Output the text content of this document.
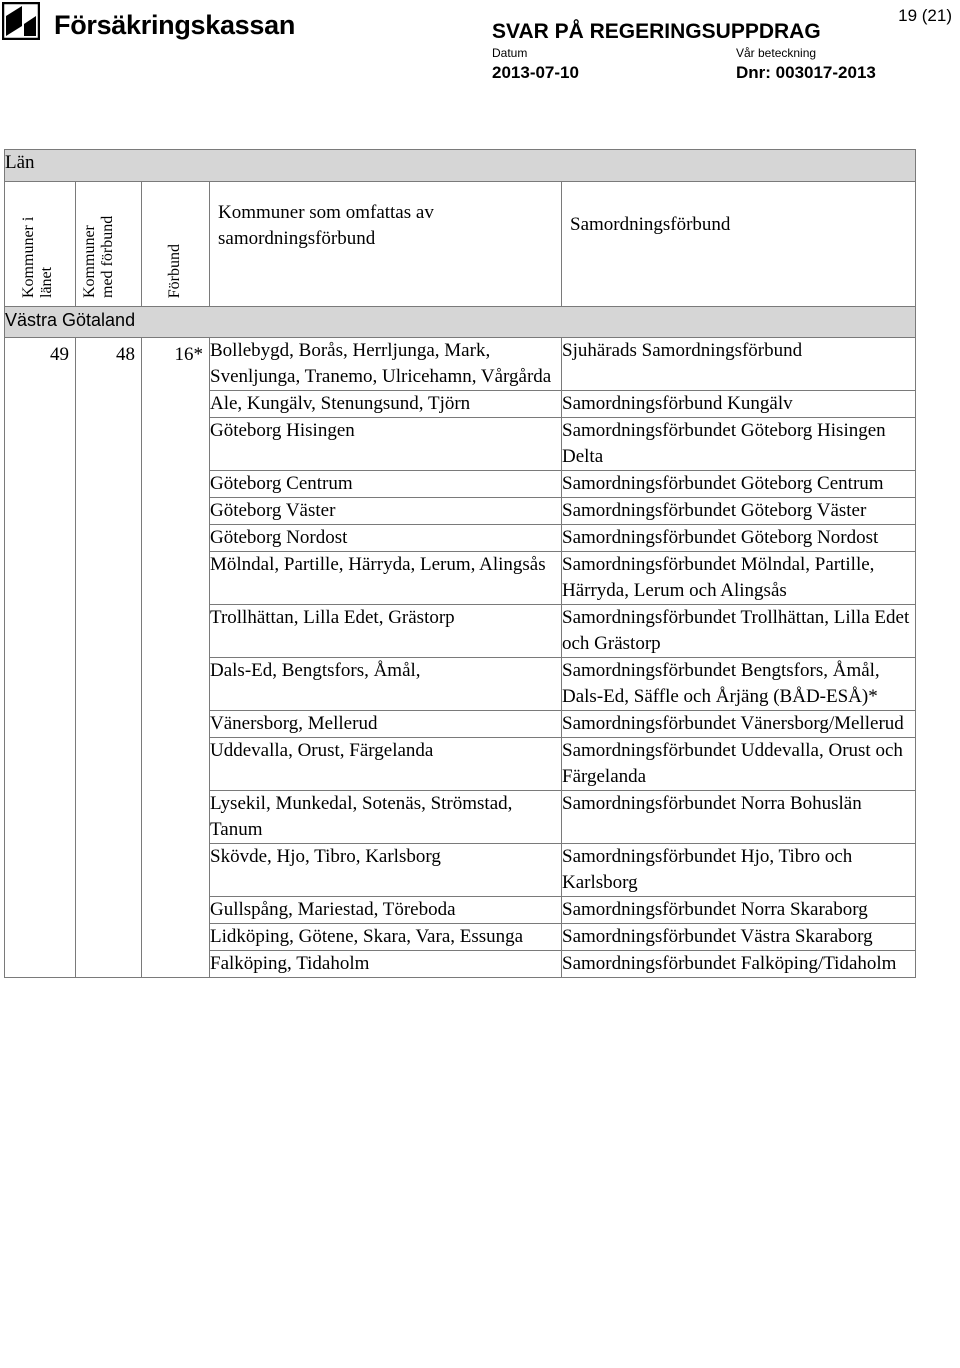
Försäkringskassan	SVAR PÅ REGERINGSUPPDRAG
19 (21)
Datum
2013-07-10
Vår beteckning
Dnr: 003017-2013
Län				

Kommuner i länet	Kommuner med förbund	Förbund	Kommuner som omfattas av samordningsförbund	Samordningsförbund
Västra Götaland				
49	48	16*	Bollebygd, Borås, Herrljunga, Mark, Svenljunga, Tranemo, Ulricehamn, Vårgårda	Sjuhärads Samordningsförbund
			Ale, Kungälv, Stenungsund, Tjörn	Samordningsförbund Kungälv
			Göteborg Hisingen	Samordningsförbundet Göteborg Hisingen Delta
			Göteborg Centrum	Samordningsförbundet Göteborg Centrum
			Göteborg Väster	Samordningsförbundet Göteborg Väster
			Göteborg Nordost	Samordningsförbundet Göteborg Nordost
			Mölndal, Partille, Härryda, Lerum, Alingsås	Samordningsförbundet Mölndal, Partille, Härryda, Lerum och Alingsås
			Trollhättan, Lilla Edet, Grästorp	Samordningsförbundet Trollhättan, Lilla Edet och Grästorp
			Dals-Ed, Bengtsfors, Åmål,	Samordningsförbundet Bengtsfors, Åmål, Dals-Ed, Säffle och Årjäng (BÅD-ESÅ)*
			Vänersborg, Mellerud	Samordningsförbundet Vänersborg/Mellerud
			Uddevalla, Orust, Färgelanda	Samordningsförbundet Uddevalla, Orust och Färgelanda
			Lysekil, Munkedal, Sotenäs, Strömstad, Tanum	Samordningsförbundet Norra Bohuslän
			Skövde, Hjo, Tibro, Karlsborg	Samordningsförbundet Hjo, Tibro och Karlsborg
			Gullspång, Mariestad, Töreboda	Samordningsförbundet Norra Skaraborg
			Lidköping, Götene, Skara, Vara, Essunga	Samordningsförbundet Västra Skaraborg
			Falköping, Tidaholm	Samordningsförbundet Falköping/Tidaholm
